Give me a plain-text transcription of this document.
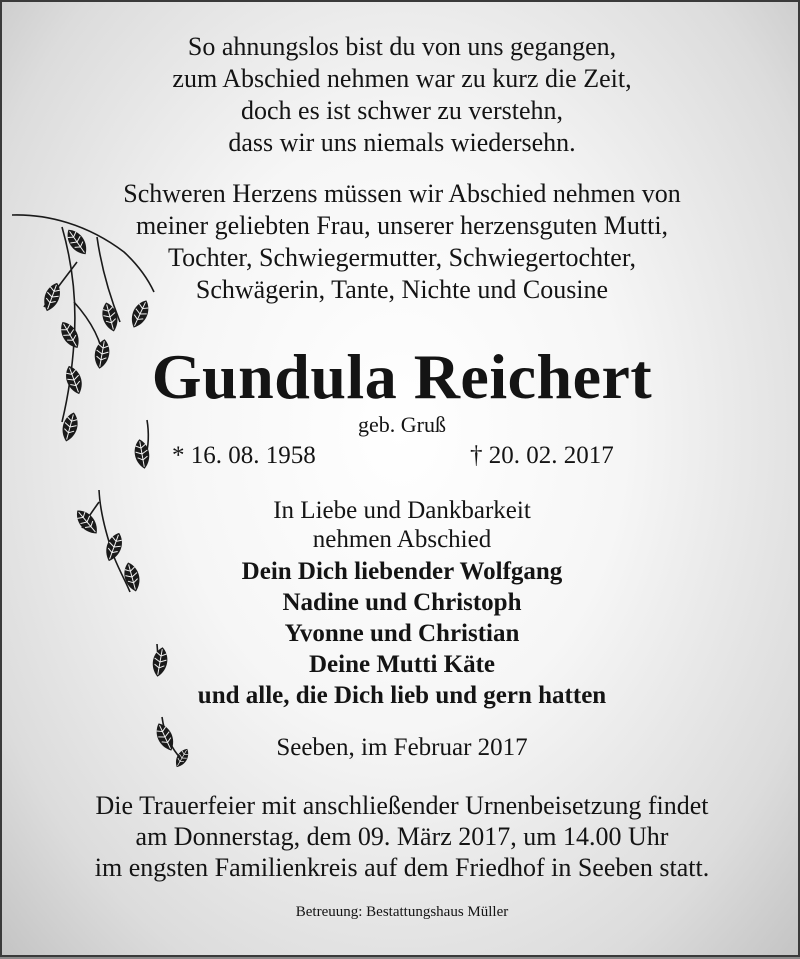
So ahnungslos bist du von uns gegangen,
zum Abschied nehmen war zu kurz die Zeit,
doch es ist schwer zu verstehn,
dass wir uns niemals wiedersehn.
Schweren Herzens müssen wir Abschied nehmen von
meiner geliebten Frau, unserer herzensguten Mutti,
Tochter, Schwiegermutter, Schwiegertochter,
Schwägerin, Tante, Nichte und Cousine
Gundula Reichert
geb. Gruß
* 16. 08. 1958	† 20. 02. 2017
In Liebe und Dankbarkeit
nehmen Abschied
Dein Dich liebender Wolfgang
Nadine und Christoph
Yvonne und Christian
Deine Mutti Käte
und alle, die Dich lieb und gern hatten
Seeben, im Februar 2017
Die Trauerfeier mit anschließender Urnenbeisetzung findet
am Donnerstag, dem 09. März 2017, um 14.00 Uhr
im engsten Familienkreis auf dem Friedhof in Seeben statt.
Betreuung: Bestattungshaus Müller
